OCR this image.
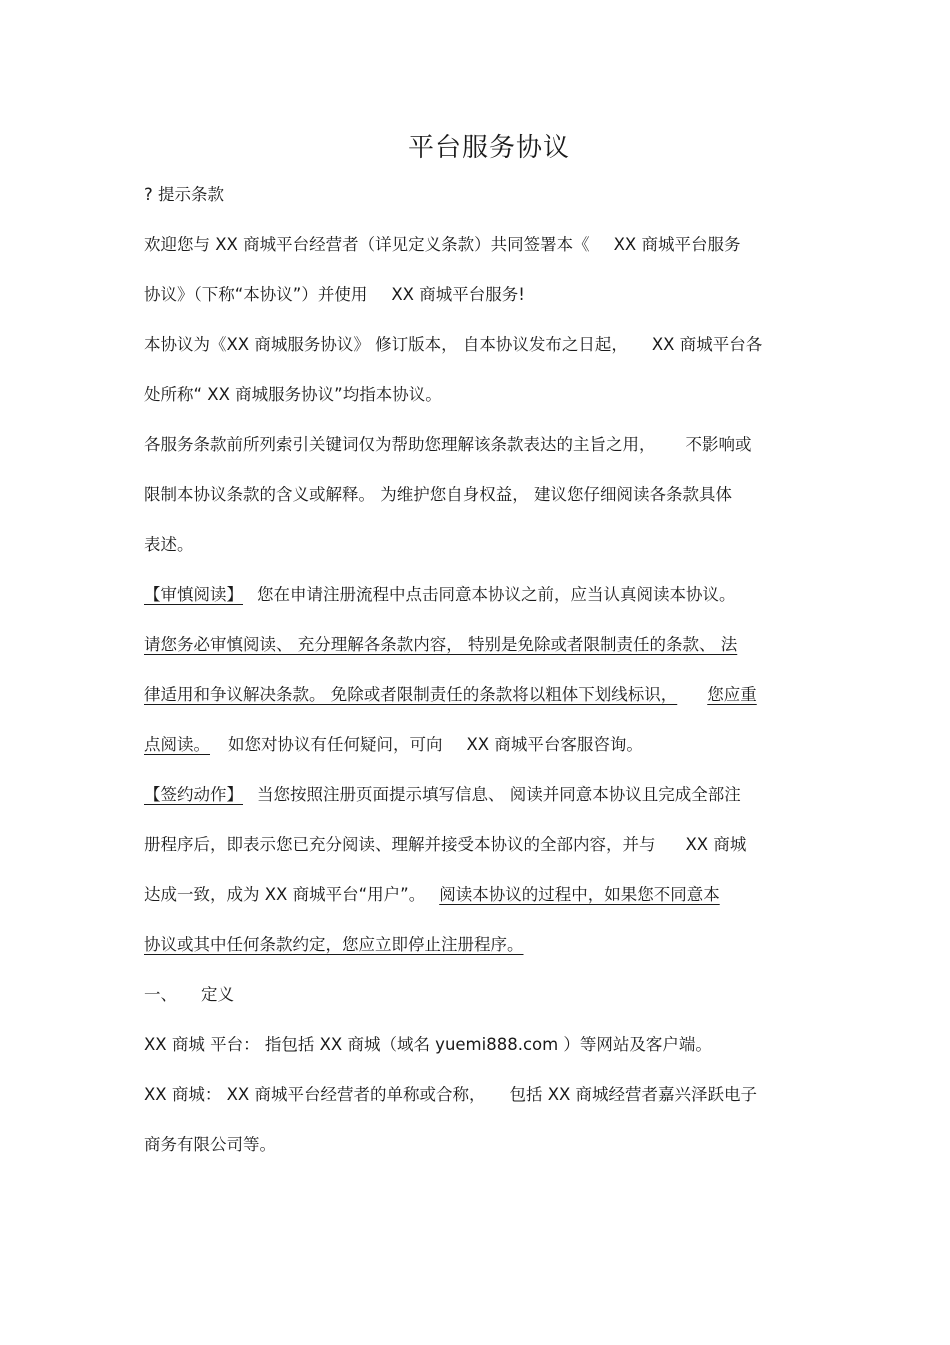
平台服务协议
? 提示条款
欢迎您与 XX 商城平台经营者（详见定义条款）共同签署本《 XX 商城平台服务
协议》（下称“本协议”）并使用 XX 商城平台服务!
本协议为《XX 商城服务协议》 修订版本， 自本协议发布之日起， XX 商城平台各
处所称“ XX 商城服务协议”均指本协议。
各服务条款前所列索引关键词仅为帮助您理解该条款表达的主旨之用， 不影响或
限制本协议条款的含义或解释。 为维护您自身权益， 建议您仔细阅读各条款具体
表述。
【审慎阅读】 您在申请注册流程中点击同意本协议之前，应当认真阅读本协议。
请您务必审慎阅读、 充分理解各条款内容， 特别是免除或者限制责任的条款、 法
律适用和争议解决条款。 免除或者限制责任的条款将以粗体下划线标识， 您应重
点阅读。 如您对协议有任何疑问，可向 XX 商城平台客服咨询。
【签约动作】 当您按照注册页面提示填写信息、 阅读并同意本协议且完成全部注
册程序后，即表示您已充分阅读、理解并接受本协议的全部内容，并与 XX 商城
达成一致，成为 XX 商城平台“用户”。 阅读本协议的过程中，如果您不同意本
协议或其中任何条款约定，您应立即停止注册程序。
一、 定义
XX 商城 平台： 指包括 XX 商城（域名 yuemi888.com ）等网站及客户端。
XX 商城： XX 商城平台经营者的单称或合称， 包括 XX 商城经营者嘉兴泽跃电子
商务有限公司等。
